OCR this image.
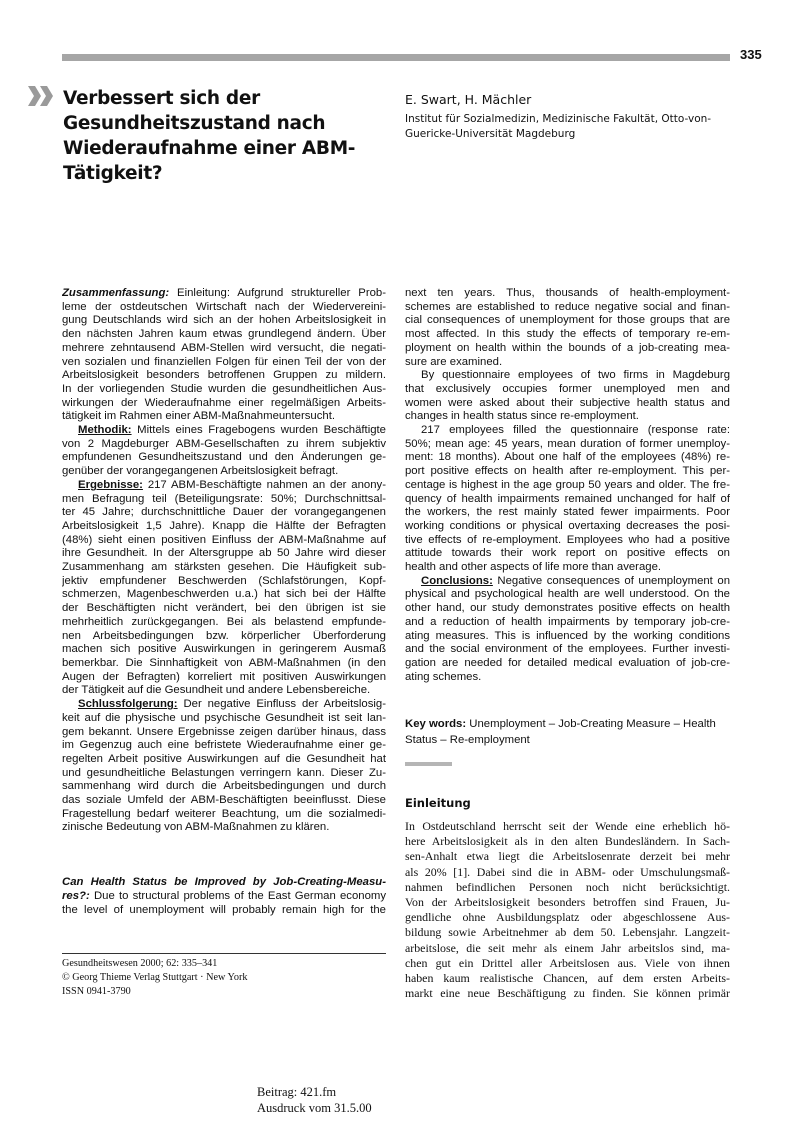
335
Verbessert sich der
Gesundheitszustand nach
Wiederaufnahme einer ABM-
Tätigkeit?
E. Swart, H. Mächler
Institut für Sozialmedizin, Medizinische Fakultät, Otto-von-
Guericke-Universität Magdeburg
Zusammenfassung: Einleitung: Aufgrund struktureller Prob-
leme der ostdeutschen Wirtschaft nach der Wiedervereini-
gung Deutschlands wird sich an der hohen Arbeitslosigkeit in
den nächsten Jahren kaum etwas grundlegend ändern. Über
mehrere zehntausend ABM-Stellen wird versucht, die negati-
ven sozialen und finanziellen Folgen für einen Teil der von der
Arbeitslosigkeit besonders betroffenen Gruppen zu mildern.
In der vorliegenden Studie wurden die gesundheitlichen Aus-
wirkungen der Wiederaufnahme einer regelmäßigen Arbeits-
tätigkeit im Rahmen einer ABM-Maßnahmeuntersucht.
Methodik: Mittels eines Fragebogens wurden Beschäftigte
von 2 Magdeburger ABM-Gesellschaften zu ihrem subjektiv
empfundenen Gesundheitszustand und den Änderungen ge-
genüber der vorangegangenen Arbeitslosigkeit befragt.
Ergebnisse: 217 ABM-Beschäftigte nahmen an der anony-
men Befragung teil (Beteiligungsrate: 50%; Durchschnittsal-
ter 45 Jahre; durchschnittliche Dauer der vorangegangenen
Arbeitslosigkeit 1,5 Jahre). Knapp die Hälfte der Befragten
(48%) sieht einen positiven Einfluss der ABM-Maßnahme auf
ihre Gesundheit. In der Altersgruppe ab 50 Jahre wird dieser
Zusammenhang am stärksten gesehen. Die Häufigkeit sub-
jektiv empfundener Beschwerden (Schlafstörungen, Kopf-
schmerzen, Magenbeschwerden u.a.) hat sich bei der Hälfte
der Beschäftigten nicht verändert, bei den übrigen ist sie
mehrheitlich zurückgegangen. Bei als belastend empfunde-
nen Arbeitsbedingungen bzw. körperlicher Überforderung
machen sich positive Auswirkungen in geringerem Ausmaß
bemerkbar. Die Sinnhaftigkeit von ABM-Maßnahmen (in den
Augen der Befragten) korreliert mit positiven Auswirkungen
der Tätigkeit auf die Gesundheit und andere Lebensbereiche.
Schlussfolgerung: Der negative Einfluss der Arbeitslosig-
keit auf die physische und psychische Gesundheit ist seit lan-
gem bekannt. Unsere Ergebnisse zeigen darüber hinaus, dass
im Gegenzug auch eine befristete Wiederaufnahme einer ge-
regelten Arbeit positive Auswirkungen auf die Gesundheit hat
und gesundheitliche Belastungen verringern kann. Dieser Zu-
sammenhang wird durch die Arbeitsbedingungen und durch
das soziale Umfeld der ABM-Beschäftigten beeinflusst. Diese
Fragestellung bedarf weiterer Beachtung, um die sozialmedi-
zinische Bedeutung von ABM-Maßnahmen zu klären.
Can Health Status be Improved by Job-Creating-Measu-
res?: Due to structural problems of the East German economy
the level of unemployment will probably remain high for the
next ten years. Thus, thousands of health-employment-
schemes are established to reduce negative social and finan-
cial consequences of unemployment for those groups that are
most affected. In this study the effects of temporary re-em-
ployment on health within the bounds of a job-creating mea-
sure are examined.
By questionnaire employees of two firms in Magdeburg
that exclusively occupies former unemployed men and
women were asked about their subjective health status and
changes in health status since re-employment.
217 employees filled the questionnaire (response rate:
50%; mean age: 45 years, mean duration of former unemploy-
ment: 18 months). About one half of the employees (48%) re-
port positive effects on health after re-employment. This per-
centage is highest in the age group 50 years and older. The fre-
quency of health impairments remained unchanged for half of
the workers, the rest mainly stated fewer impairments. Poor
working conditions or physical overtaxing decreases the posi-
tive effects of re-employment. Employees who had a positive
attitude towards their work report on positive effects on
health and other aspects of life more than average.
Conclusions: Negative consequences of unemployment on
physical and psychological health are well understood. On the
other hand, our study demonstrates positive effects on health
and a reduction of health impairments by temporary job-cre-
ating measures. This is influenced by the working conditions
and the social environment of the employees. Further investi-
gation are needed for detailed medical evaluation of job-cre-
ating schemes.
Key words: Unemployment – Job-Creating Measure – Health
Status – Re-employment
Einleitung
In Ostdeutschland herrscht seit der Wende eine erheblich hö-
here Arbeitslosigkeit als in den alten Bundesländern. In Sach-
sen-Anhalt etwa liegt die Arbeitslosenrate derzeit bei mehr
als 20% [1]. Dabei sind die in ABM- oder Umschulungsmaß-
nahmen befindlichen Personen noch nicht berücksichtigt.
Von der Arbeitslosigkeit besonders betroffen sind Frauen, Ju-
gendliche ohne Ausbildungsplatz oder abgeschlossene Aus-
bildung sowie Arbeitnehmer ab dem 50. Lebensjahr. Langzeit-
arbeitslose, die seit mehr als einem Jahr arbeitslos sind, ma-
chen gut ein Drittel aller Arbeitslosen aus. Viele von ihnen
haben kaum realistische Chancen, auf dem ersten Arbeits-
markt eine neue Beschäftigung zu finden. Sie können primär
Gesundheitswesen 2000; 62: 335–341
© Georg Thieme Verlag Stuttgart · New York
ISSN 0941-3790
Beitrag: 421.fm
Ausdruck vom 31.5.00
